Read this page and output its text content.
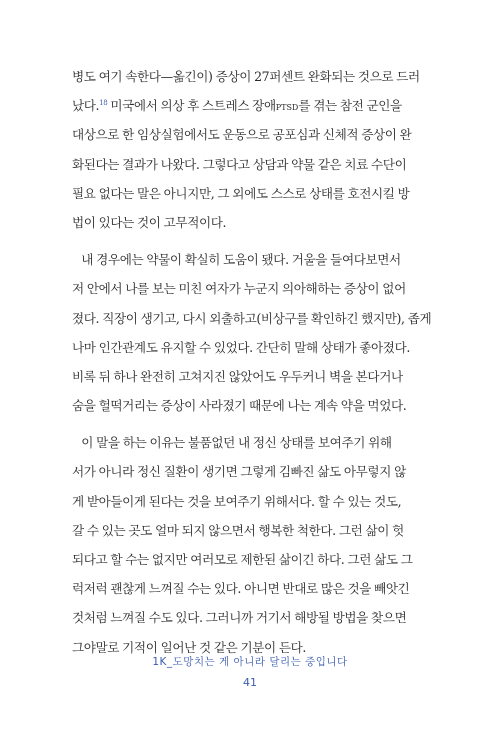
병도 여기 속한다—옮긴이) 증상이 27퍼센트 완화되는 것으로 드러
났다.$^{18}$ 미국에서 의상 후 스트레스 장애PTSD를 겪는 참전 군인을
대상으로 한 임상실험에서도 운동으로 공포심과 신체적 증상이 완
화된다는 결과가 나왔다. 그렇다고 상담과 약물 같은 치료 수단이
필요 없다는 말은 아니지만, 그 외에도 스스로 상태를 호전시킬 방
법이 있다는 것이 고무적이다.
내 경우에는 약물이 확실히 도움이 됐다. 거울을 들여다보면서
저 안에서 나를 보는 미친 여자가 누군지 의아해하는 증상이 없어
졌다. 직장이 생기고, 다시 외출하고(비상구를 확인하긴 했지만), 좁게
나마 인간관계도 유지할 수 있었다. 간단히 말해 상태가 좋아졌다.
비록 뒤 하나 완전히 고쳐지진 않았어도 우두커니 벽을 본다거나
숨을 헐떡거리는 증상이 사라졌기 때문에 나는 계속 약을 먹었다.
이 말을 하는 이유는 불품없던 내 정신 상태를 보여주기 위해
서가 아니라 정신 질환이 생기면 그렇게 김빠진 삶도 아무렇지 않
게 받아들이게 된다는 것을 보여주기 위해서다. 할 수 있는 것도,
갈 수 있는 곳도 얼마 되지 않으면서 행복한 척한다. 그런 삶이 헛
되다고 할 수는 없지만 여러모로 제한된 삶이긴 하다. 그런 삶도 그
럭저럭 괜찮게 느껴질 수는 있다. 아니면 반대로 많은 것을 빼앗긴
것처럼 느껴질 수도 있다. 그러니까 거기서 해방될 방법을 찾으면
그야말로 기적이 일어난 것 같은 기분이 든다.
1K_도망치는 게 아니라 달리는 중입니다
41
